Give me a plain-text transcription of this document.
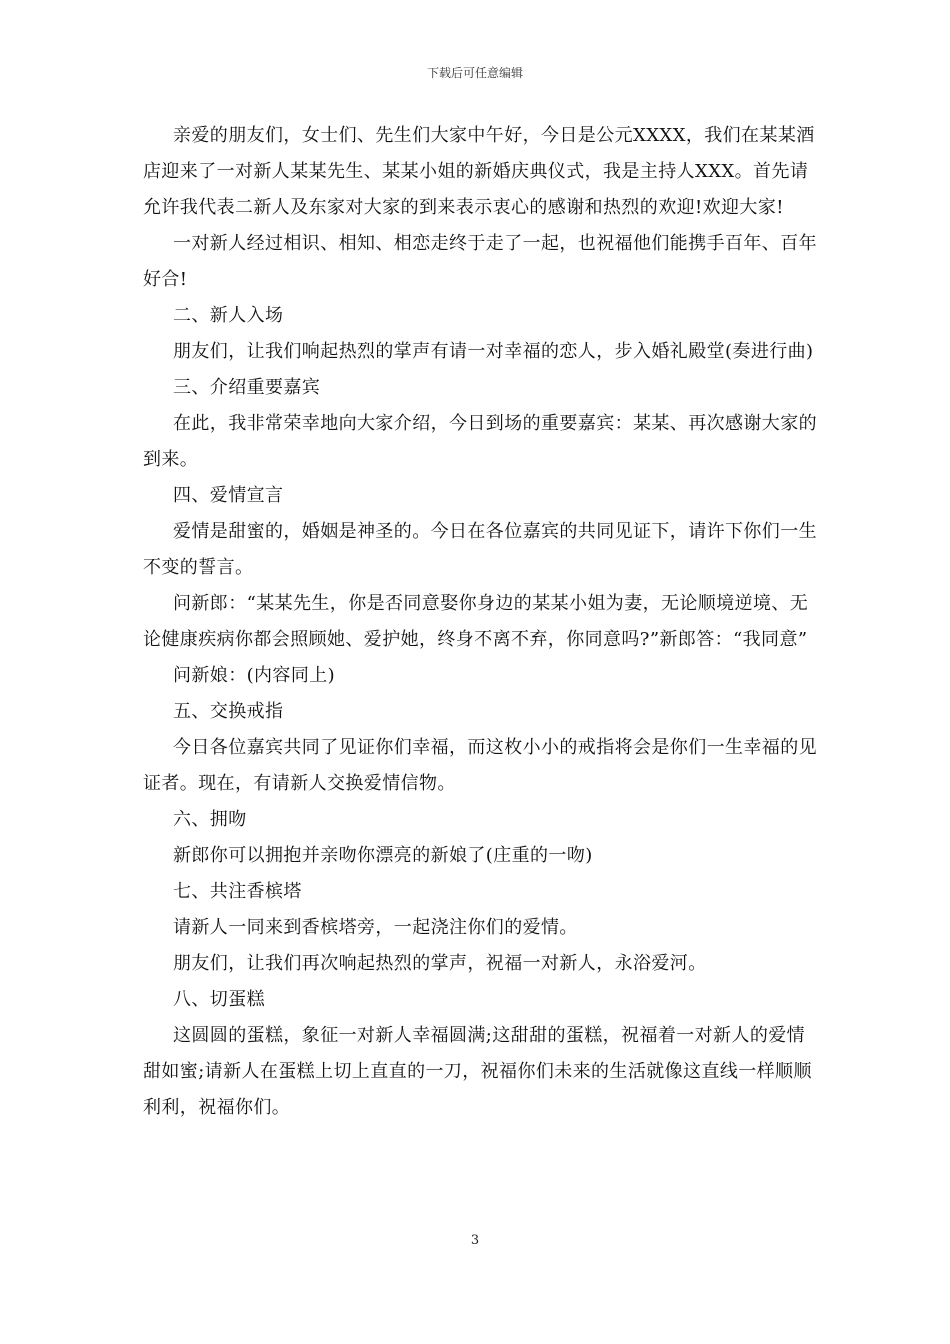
下载后可任意编辑

亲爱的朋友们，女士们、先生们大家中午好，今日是公元XXXX，我们在某某酒店迎来了一对新人某某先生、某某小姐的新婚庆典仪式，我是主持人XXX。首先请允许我代表二新人及东家对大家的到来表示衷心的感谢和热烈的欢迎!欢迎大家!

一对新人经过相识、相知、相恋走终于走了一起，也祝福他们能携手百年、百年好合!

二、新人入场

朋友们，让我们响起热烈的掌声有请一对幸福的恋人，步入婚礼殿堂(奏进行曲)

三、介绍重要嘉宾

在此，我非常荣幸地向大家介绍，今日到场的重要嘉宾：某某、再次感谢大家的到来。

四、爱情宣言

爱情是甜蜜的，婚姻是神圣的。今日在各位嘉宾的共同见证下，请许下你们一生不变的誓言。

问新郎：“某某先生，你是否同意娶你身边的某某小姐为妻，无论顺境逆境、无论健康疾病你都会照顾她、爱护她，终身不离不弃，你同意吗?”新郎答：“我同意”

问新娘：(内容同上)

五、交换戒指

今日各位嘉宾共同了见证你们幸福，而这枚小小的戒指将会是你们一生幸福的见证者。现在，有请新人交换爱情信物。

六、拥吻

新郎你可以拥抱并亲吻你漂亮的新娘了(庄重的一吻)

七、共注香槟塔

请新人一同来到香槟塔旁，一起浇注你们的爱情。

朋友们，让我们再次响起热烈的掌声，祝福一对新人，永浴爱河。

八、切蛋糕

这圆圆的蛋糕，象征一对新人幸福圆满;这甜甜的蛋糕，祝福着一对新人的爱情甜如蜜;请新人在蛋糕上切上直直的一刀，祝福你们未来的生活就像这直线一样顺顺利利，祝福你们。

3
